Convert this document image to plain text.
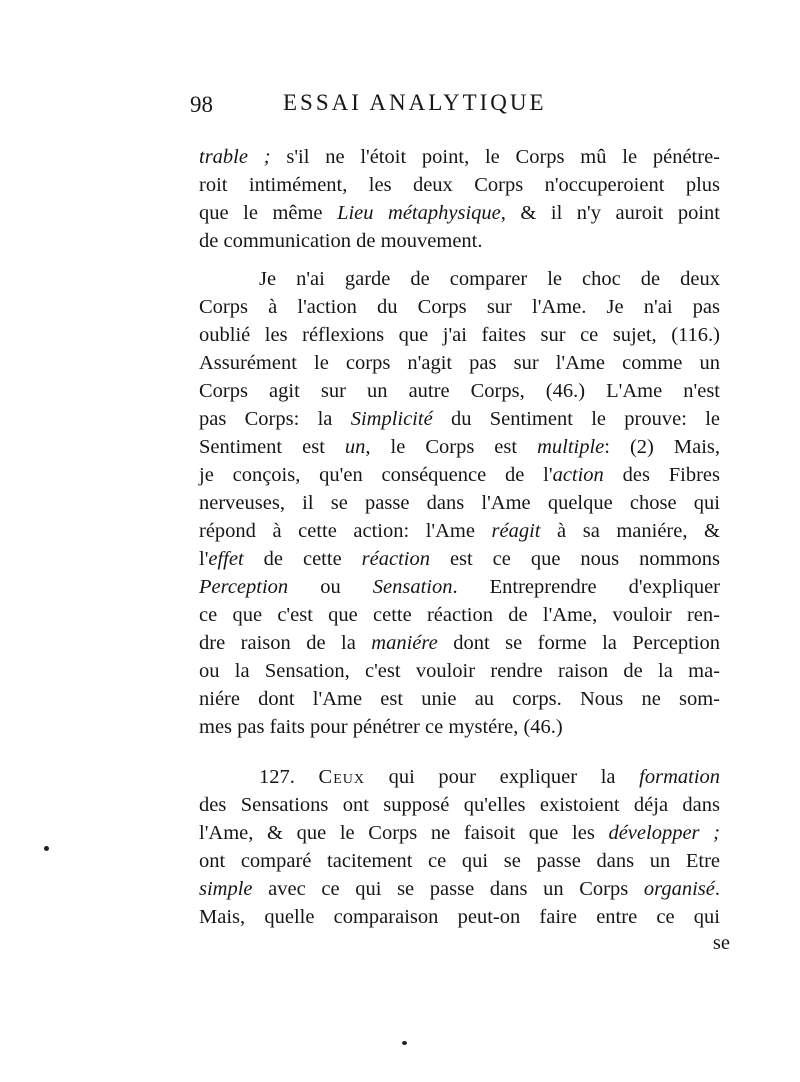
98	ESSAI ANALYTIQUE
trable ; s'il ne l'étoit point, le Corps mû le pénétre-
roit intimément, les deux Corps n'occuperoient plus
que le même Lieu métaphysique, & il n'y auroit point
de communication de mouvement.
Je n'ai garde de comparer le choc de deux
Corps à l'action du Corps sur l'Ame. Je n'ai pas
oublié les réflexions que j'ai faites sur ce sujet, (116.)
Assurément le corps n'agit pas sur l'Ame comme un
Corps agit sur un autre Corps, (46.) L'Ame n'est
pas Corps: la Simplicité du Sentiment le prouve: le
Sentiment est un, le Corps est multiple: (2) Mais,
je conçois, qu'en conséquence de l'action des Fibres
nerveuses, il se passe dans l'Ame quelque chose qui
répond à cette action: l'Ame réagit à sa maniére, &
l'effet de cette réaction est ce que nous nommons
Perception ou Sensation. Entreprendre d'expliquer
ce que c'est que cette réaction de l'Ame, vouloir ren-
dre raison de la maniére dont se forme la Perception
ou la Sensation, c'est vouloir rendre raison de la ma-
niére dont l'Ame est unie au corps. Nous ne som-
mes pas faits pour pénétrer ce mystére, (46.)
127. Ceux qui pour expliquer la formation
des Sensations ont supposé qu'elles existoient déja dans
l'Ame, & que le Corps ne faisoit que les développer ;
ont comparé tacitement ce qui se passe dans un Etre
simple avec ce qui se passe dans un Corps organisé.
Mais, quelle comparaison peut-on faire entre ce qui
se
